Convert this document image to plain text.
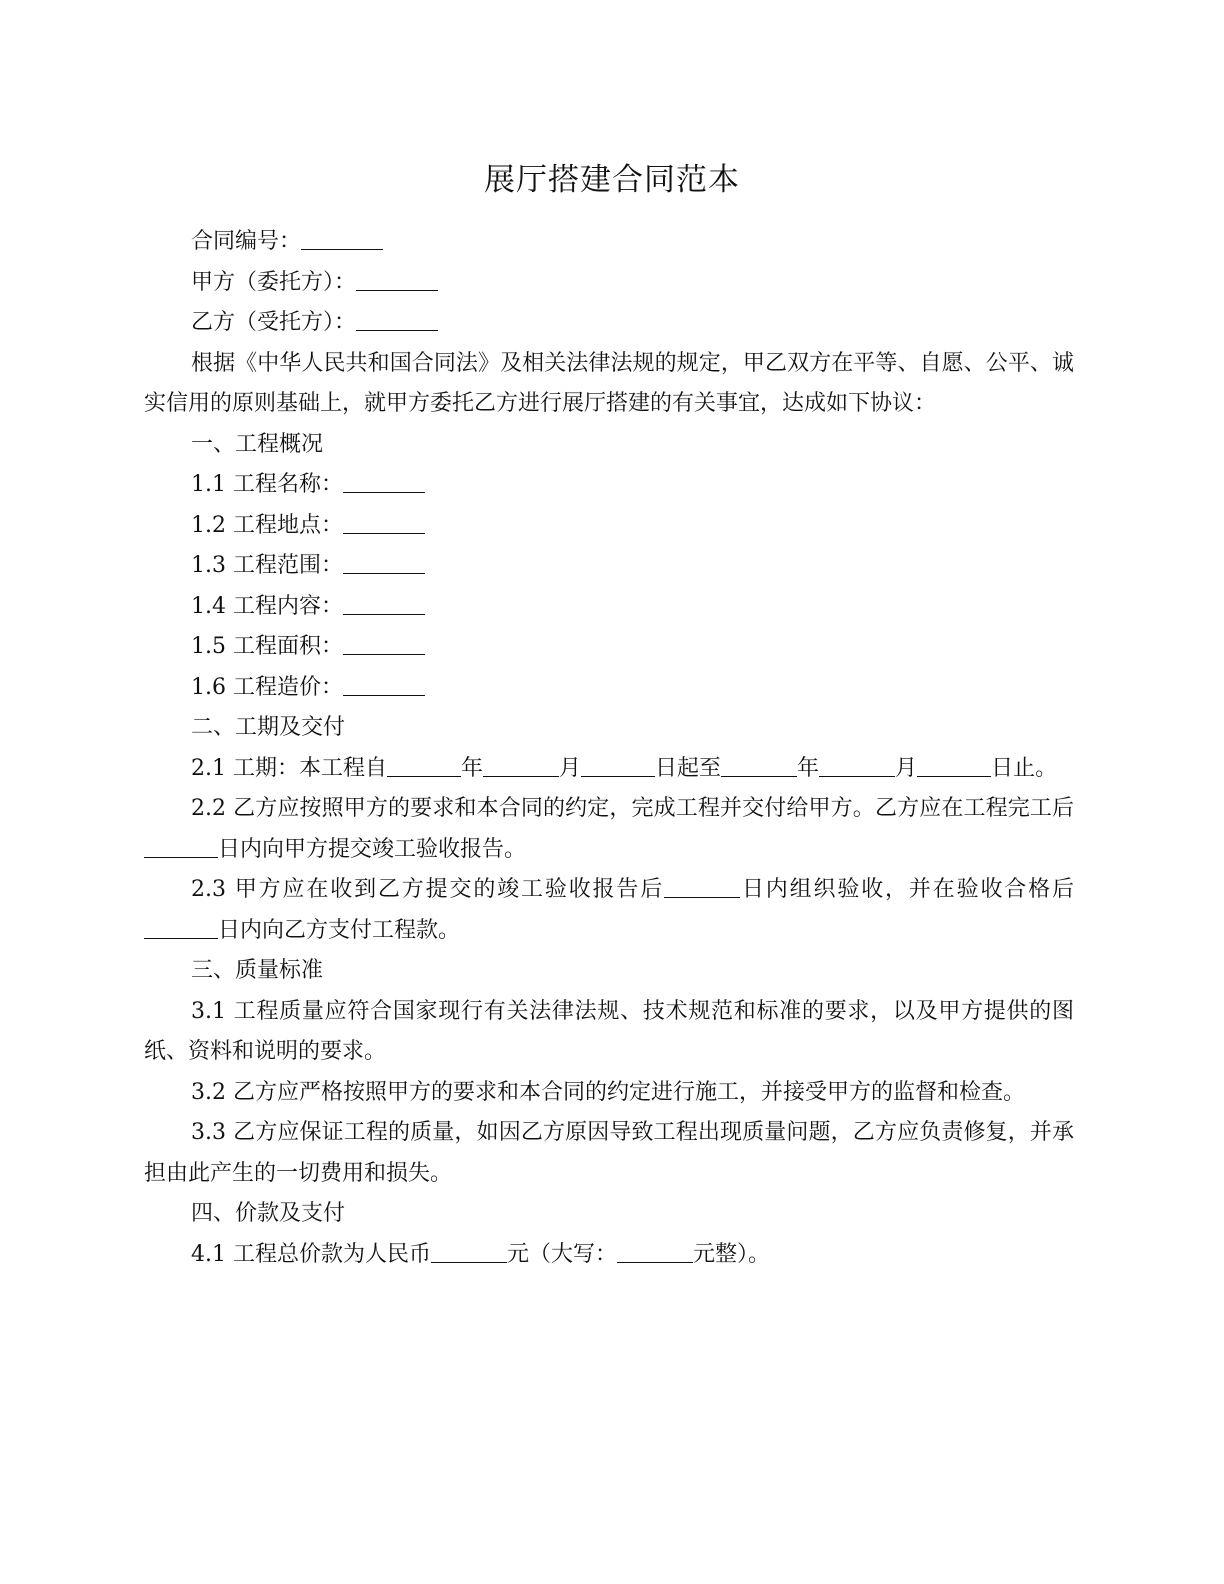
展厅搭建合同范本

合同编号：

甲方（委托方）：

乙方（受托方）：

根据《中华人民共和国合同法》及相关法律法规的规定，甲乙双方在平等、自愿、公平、诚实信用的原则基础上，就甲方委托乙方进行展厅搭建的有关事宜，达成如下协议：

一、工程概况

1.1 工程名称：

1.2 工程地点：

1.3 工程范围：

1.4 工程内容：

1.5 工程面积：

1.6 工程造价：

二、工期及交付

2.1 工期：本工程自	年	月	日起至	年	月	日止。

2.2 乙方应按照甲方的要求和本合同的约定，完成工程并交付给甲方。乙方应在工程完工后日内向甲方提交竣工验收报告。

2.3 甲方应在收到乙方提交的竣工验收报告后	日内组织验收，并在验收合格后日内向乙方支付工程款。

三、质量标准

3.1 工程质量应符合国家现行有关法律法规、技术规范和标准的要求，以及甲方提供的图纸、资料和说明的要求。

3.2 乙方应严格按照甲方的要求和本合同的约定进行施工，并接受甲方的监督和检查。

3.3 乙方应保证工程的质量，如因乙方原因导致工程出现质量问题，乙方应负责修复，并承担由此产生的一切费用和损失。

四、价款及支付

4.1 工程总价款为人民币	元（大写：	元整）。
